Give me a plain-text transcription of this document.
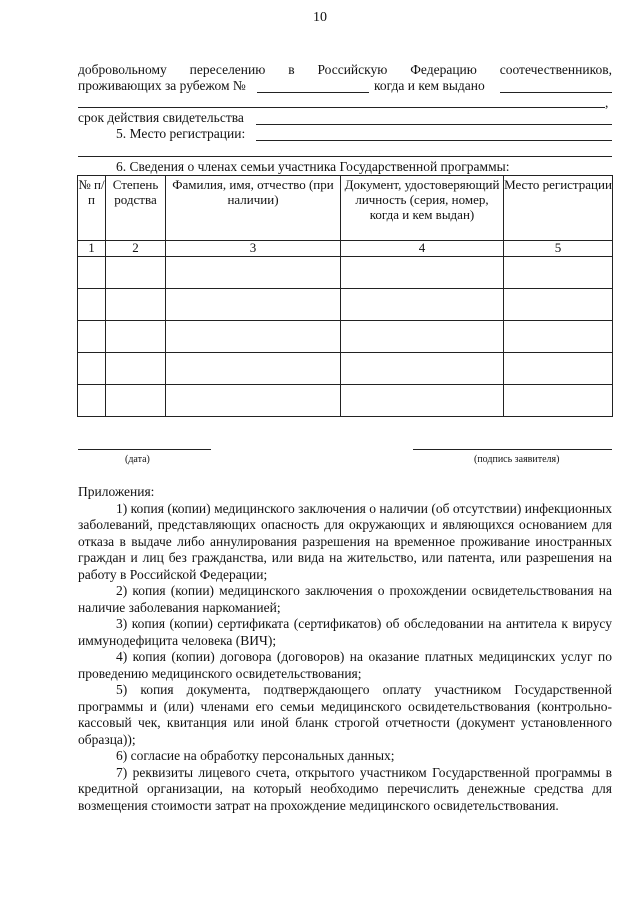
10
добровольному переселению в Российскую Федерацию соотечественников,
проживающих за рубежом №	когда и кем выдано
,
срок действия свидетельства
5. Место регистрации:
6. Сведения о членах семьи участника Государственной программы:
№ п/п	Степень родства	Фамилия, имя, отчество (при наличии)	Документ, удостоверяющий личность (серия, номер, когда и кем выдан)	Место регистрации
1	2	3	4	5

(дата)	(подпись заявителя)

Приложения:

1) копия (копии) медицинского заключения о наличии (об отсутствии) инфекционных заболеваний, представляющих опасность для окружающих и являющихся основанием для отказа в выдаче либо аннулирования разрешения на временное проживание иностранных граждан и лиц без гражданства, или вида на жительство, или патента, или разрешения на работу в Российской Федерации;

2) копия (копии) медицинского заключения о прохождении освидетельствования на наличие заболевания наркоманией;

3) копия (копии) сертификата (сертификатов) об обследовании на антитела к вирусу иммунодефицита человека (ВИЧ);

4) копия (копии) договора (договоров) на оказание платных медицинских услуг по проведению медицинского освидетельствования;

5) копия документа, подтверждающего оплату участником Государственной программы и (или) членами его семьи медицинского освидетельствования (контрольно-кассовый чек, квитанция или иной бланк строгой отчетности (документ установленного образца));

6) согласие на обработку персональных данных;

7) реквизиты лицевого счета, открытого участником Государственной программы в кредитной организации, на который необходимо перечислить денежные средства для возмещения стоимости затрат на прохождение медицинского освидетельствования.
